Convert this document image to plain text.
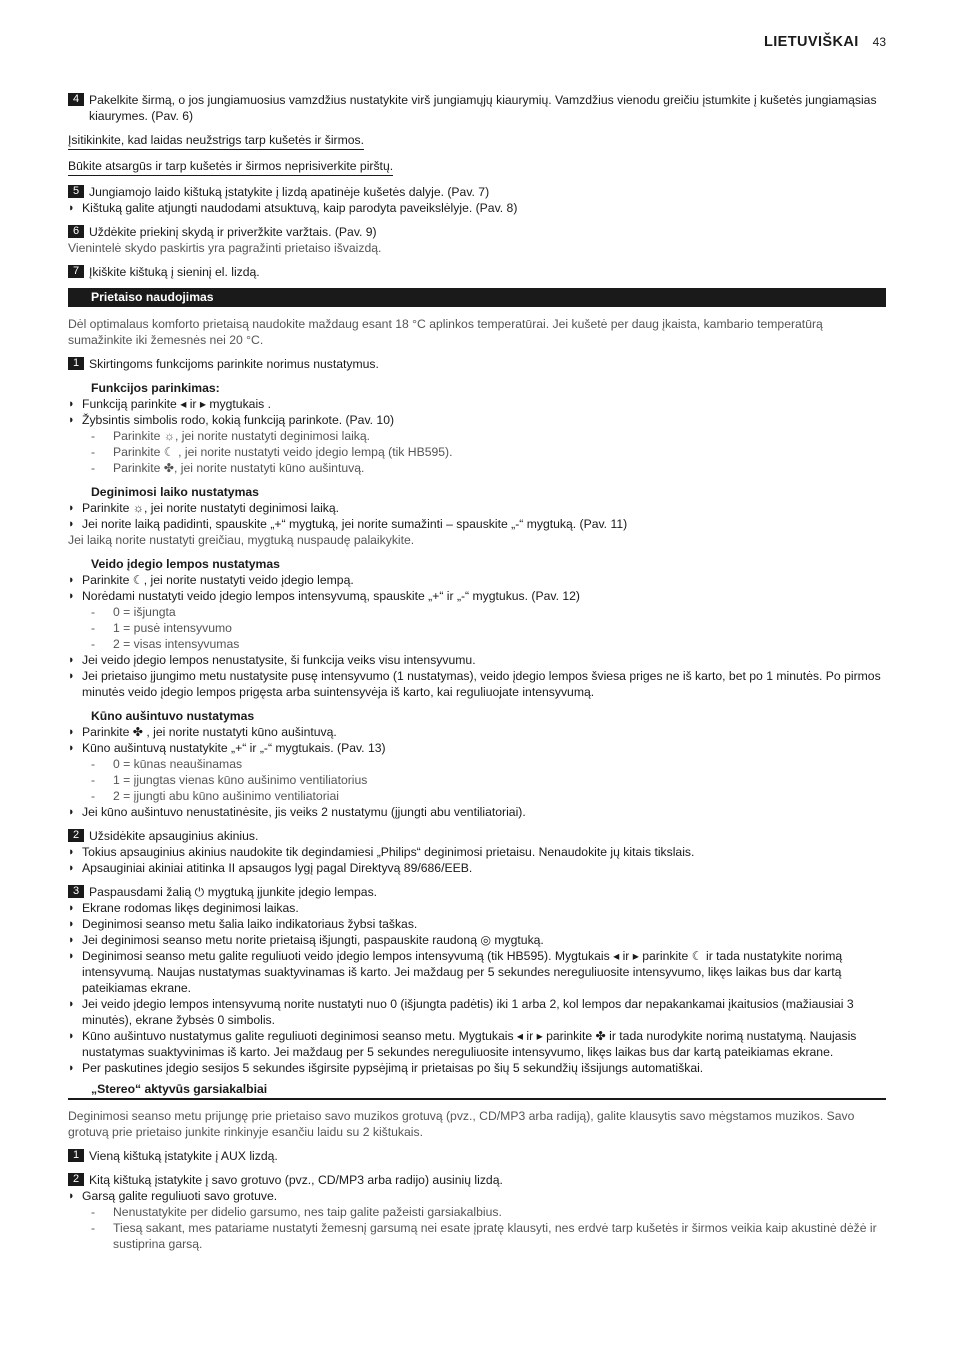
LIETUVIŠKAI 43
4 Pakelkite širmą, o jos jungiamuosius vamzdžius nustatykite virš jungiamųjų kiaurymių. Vamzdžius vienodu greičiu įstumkite į kušetės jungiamąsias kiaurymes. (Pav. 6)
Įsitikinkite, kad laidas neužstrigs tarp kušetės ir širmos.
Būkite atsargūs ir tarp kušetės ir širmos neprisiverkite pirštų.
5 Jungiamojo laido kištuką įstatykite į lizdą apatinėje kušetės dalyje. (Pav. 7)
◗ Kištuką galite atjungti naudodami atsuktuvą, kaip parodyta paveikslėlyje. (Pav. 8)
6 Uždėkite priekinį skydą ir priveržkite varžtais. (Pav. 9)
Vienintelė skydo paskirtis yra pagražinti prietaiso išvaizdą.
7 Įkiškite kištuką į sieninį el. lizdą.
Prietaiso naudojimas
Dėl optimalaus komforto prietaisą naudokite maždaug esant 18 °C aplinkos temperatūrai. Jei kušetė per daug įkaista, kambario temperatūrą sumažinkite iki žemesnės nei 20 °C.
1 Skirtingoms funkcijoms parinkite norimus nustatymus.
Funkcijos parinkimas:
◗ Funkciją parinkite ◂ ir ▸ mygtukais .
◗ Žybsintis simbolis rodo, kokią funkciją parinkote. (Pav. 10)
- Parinkite ☼, jei norite nustatyti deginimosi laiką.
- Parinkite ☾ , jei norite nustatyti veido įdegio lempą (tik HB595).
- Parinkite ✤, jei norite nustatyti kūno aušintuvą.
Deginimosi laiko nustatymas
◗ Parinkite ☼, jei norite nustatyti deginimosi laiką.
◗ Jei norite laiką padidinti, spauskite „+“ mygtuką, jei norite sumažinti – spauskite „-“ mygtuką. (Pav. 11)
Jei laiką norite nustatyti greičiau, mygtuką nuspaudę palaikykite.
Veido įdegio lempos nustatymas
◗ Parinkite ☾, jei norite nustatyti veido įdegio lempą.
◗ Norėdami nustatyti veido įdegio lempos intensyvumą, spauskite „+“ ir „-“ mygtukus. (Pav. 12)
- 0 = išjungta
- 1 = pusė intensyvumo
- 2 = visas intensyvumas
◗ Jei veido įdegio lempos nenustatysite, ši funkcija veiks visu intensyvumu.
◗ Jei prietaiso įjungimo metu nustatysite pusę intensyvumo (1 nustatymas), veido įdegio lempos šviesa priges ne iš karto, bet po 1 minutės. Po pirmos minutės veido įdegio lempos prigęsta arba suintensyvėja iš karto, kai reguliuojate intensyvumą.
Kūno aušintuvo nustatymas
◗ Parinkite ✤ , jei norite nustatyti kūno aušintuvą.
◗ Kūno aušintuvą nustatykite „+“ ir „-“ mygtukais. (Pav. 13)
- 0 = kūnas neaušinamas
- 1 = įjungtas vienas kūno aušinimo ventiliatorius
- 2 = įjungti abu kūno aušinimo ventiliatoriai
◗ Jei kūno aušintuvo nenustatinėsite, jis veiks 2 nustatymu (įjungti abu ventiliatoriai).
2 Užsidėkite apsauginius akinius.
◗ Tokius apsauginius akinius naudokite tik degindamiesi „Philips“ deginimosi prietaisu. Nenaudokite jų kitais tikslais.
◗ Apsauginiai akiniai atitinka II apsaugos lygį pagal Direktyvą 89/686/EEB.
3 Paspausdami žalią ⏻ mygtuką įjunkite įdegio lempas.
◗ Ekrane rodomas likęs deginimosi laikas.
◗ Deginimosi seanso metu šalia laiko indikatoriaus žybsi taškas.
◗ Jei deginimosi seanso metu norite prietaisą išjungti, paspauskite raudoną ◎ mygtuką.
◗ Deginimosi seanso metu galite reguliuoti veido įdegio lempos intensyvumą (tik HB595). Mygtukais ◂ ir ▸ parinkite ☾ ir tada nustatykite norimą intensyvumą. Naujas nustatymas suaktyvinamas iš karto. Jei maždaug per 5 sekundes nereguliuosite intensyvumo, likęs laikas bus dar kartą pateikiamas ekrane.
◗ Jei veido įdegio lempos intensyvumą norite nustatyti nuo 0 (išjungta padėtis) iki 1 arba 2, kol lempos dar nepakankamai įkaitusios (mažiausiai 3 minutės), ekrane žybsės 0 simbolis.
◗ Kūno aušintuvo nustatymus galite reguliuoti deginimosi seanso metu. Mygtukais ◂ ir ▸ parinkite ✤ ir tada nurodykite norimą nustatymą. Naujasis nustatymas suaktyvinimas iš karto. Jei maždaug per 5 sekundes nereguliuosite intensyvumo, likęs laikas bus dar kartą pateikiamas ekrane.
◗ Per paskutines įdegio sesijos 5 sekundes išgirsite pypsėjimą ir prietaisas po šių 5 sekundžių išsijungs automatiškai.
„Stereo“ aktyvūs garsiakalbiai
Deginimosi seanso metu prijungę prie prietaiso savo muzikos grotuvą (pvz., CD/MP3 arba radiją), galite klausytis savo mėgstamos muzikos. Savo grotuvą prie prietaiso junkite rinkinyje esančiu laidu su 2 kištukais.
1 Vieną kištuką įstatykite į AUX lizdą.
2 Kitą kištuką įstatykite į savo grotuvo (pvz., CD/MP3 arba radijo) ausinių lizdą.
◗ Garsą galite reguliuoti savo grotuve.
- Nenustatykite per didelio garsumo, nes taip galite pažeisti garsiakalbius.
- Tiesą sakant, mes patariame nustatyti žemesnį garsumą nei esate įpratę klausyti, nes erdvė tarp kušetės ir širmos veikia kaip akustinė dėžė ir sustiprina garsą.
